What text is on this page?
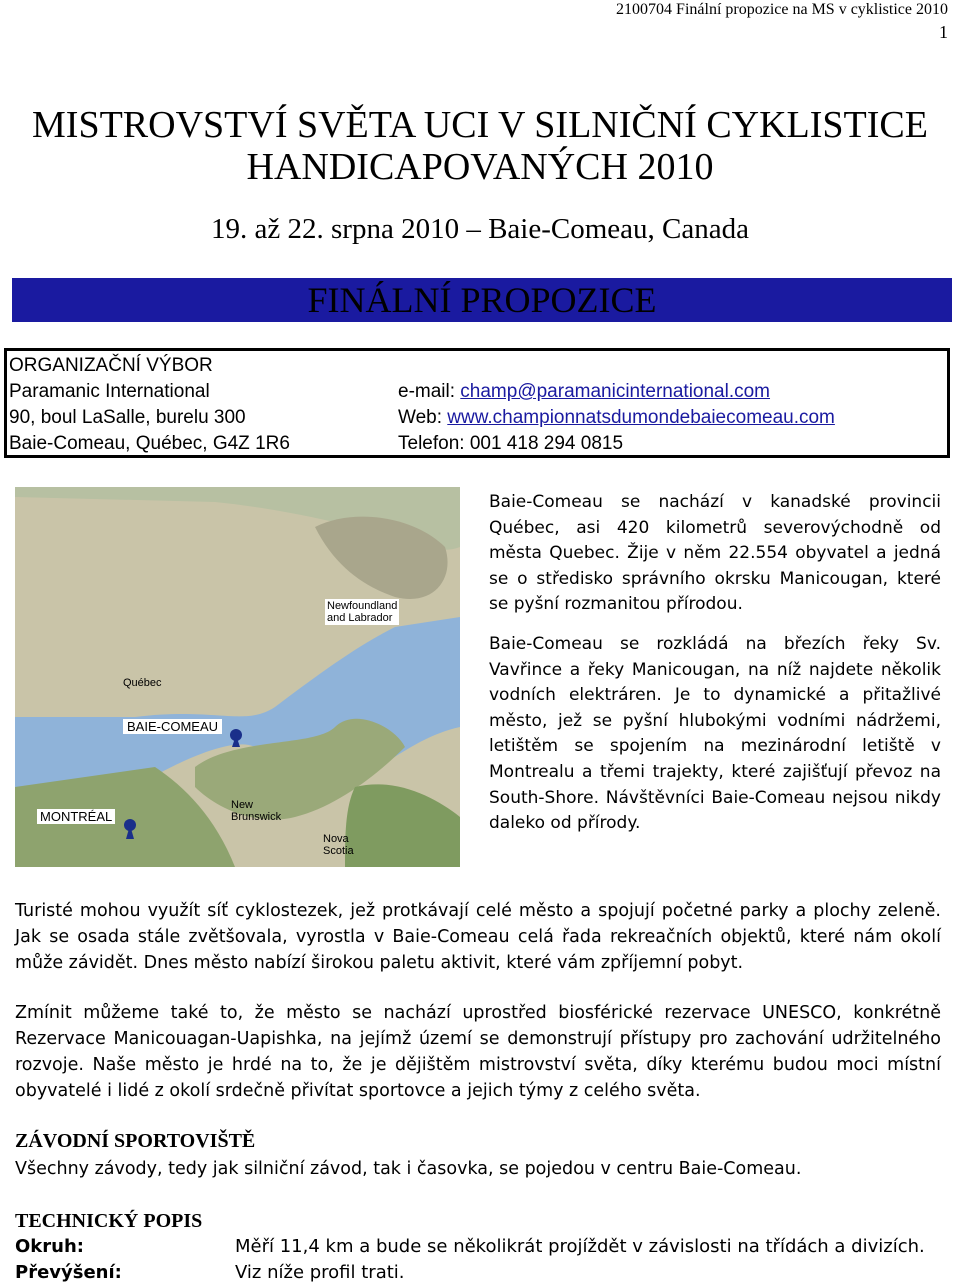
2100704 Finální propozice na MS v cyklistice 2010
1
MISTROVSTVÍ SVĚTA UCI V SILNIČNÍ CYKLISTICE
HANDICAPOVANÝCH 2010
19. až 22. srpna 2010 – Baie-Comeau, Canada
FINÁLNÍ PROPOZICE
ORGANIZAČNÍ VÝBOR
Paramanic International
90, boul LaSalle, burelu 300
Baie-Comeau, Québec, G4Z 1R6
e-mail: champ@paramanicinternational.com
Web: www.championnatsdumondebaiecomeau.com
Telefon: 001 418 294 0815
Newfoundland
and Labrador
Québec
BAIE-COMEAU
MONTRÉAL
New
Brunswick
Nova
Scotia

Baie-Comeau se nachází v kanadské provincii Québec, asi 420 kilometrů severovýchodně od města Quebec. Žije v něm 22.554 obyvatel a jedná se o středisko správního okrsku Manicougan, které se pyšní rozmanitou přírodou.

Baie-Comeau se rozkládá na březích řeky Sv. Vavřince a řeky Manicougan, na níž najdete několik vodních elektráren. Je to dynamické a přitažlivé město, jež se pyšní hlubokými vodními nádržemi, letištěm se spojením na mezinárodní letiště v Montrealu a třemi trajekty, které zajišťují převoz na South-Shore. Návštěvníci Baie-Comeau nejsou nikdy daleko od přírody.

Turisté mohou využít síť cyklostezek, jež protkávají celé město a spojují početné parky a plochy zeleně. Jak se osada stále zvětšovala, vyrostla v Baie-Comeau celá řada rekreačních objektů, které nám okolí může závidět. Dnes město nabízí širokou paletu aktivit, které vám zpříjemní pobyt.
Zmínit můžeme také to, že město se nachází uprostřed biosférické rezervace UNESCO, konkrétně Rezervace Manicouagan-Uapishka, na jejímž území se demonstrují přístupy pro zachování udržitelného rozvoje. Naše město je hrdé na to, že je dějištěm mistrovství světa, díky kterému budou moci místní obyvatelé i lidé z okolí srdečně přivítat sportovce a jejich týmy z celého světa.
ZÁVODNÍ SPORTOVIŠTĚ
Všechny závody, tedy jak silniční závod, tak i časovka, se pojedou v centru Baie-Comeau.
TECHNICKÝ POPIS
Okruh:	Měří 11,4 km a bude se několikrát projíždět v závislosti na třídách a divizích.
Převýšení:	Viz níže profil trati.
